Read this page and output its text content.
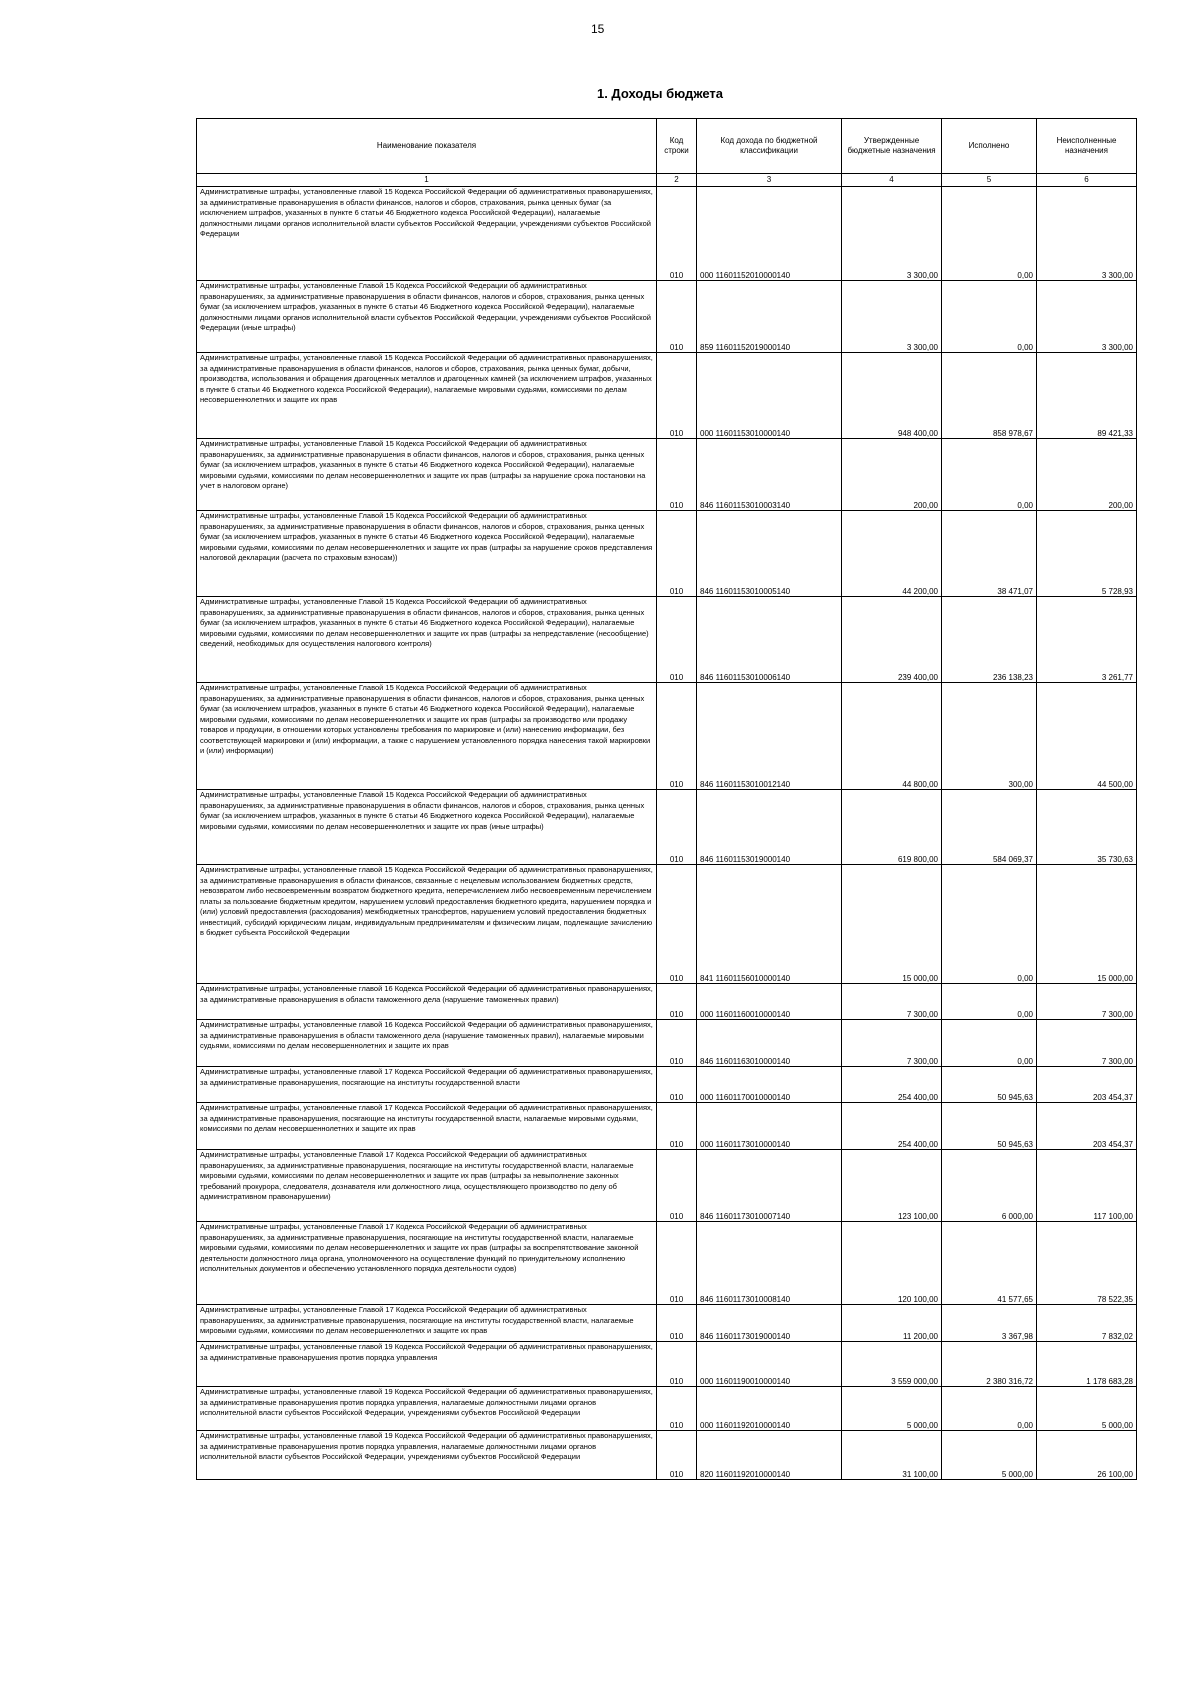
15
1. Доходы бюджета
Наименование показателя	Код строки	Код дохода по бюджетной классификации	Утвержденные бюджетные назначения	Исполнено	Неисполненные назначения
1	2	3	4	5	6
Административные штрафы, установленные главой 15 Кодекса Российской Федерации об административных правонарушениях, за административные правонарушения в области финансов, налогов и сборов, страхования, рынка ценных бумаг (за исключением штрафов, указанных в пункте 6 статьи 46 Бюджетного кодекса Российской Федерации), налагаемые должностными лицами органов исполнительной власти субъектов Российской Федерации, учреждениями субъектов Российской Федерации	010	000 11601152010000140	3 300,00	0,00	3 300,00
Административные штрафы, установленные Главой 15 Кодекса Российской Федерации об административных правонарушениях, за административные правонарушения в области финансов, налогов и сборов, страхования, рынка ценных бумаг (за исключением штрафов, указанных в пункте 6 статьи 46 Бюджетного кодекса Российской Федерации), налагаемые должностными лицами органов исполнительной власти субъектов Российской Федерации, учреждениями субъектов Российской Федерации (иные штрафы)	010	859 11601152019000140	3 300,00	0,00	3 300,00
Административные штрафы, установленные главой 15 Кодекса Российской Федерации об административных правонарушениях, за административные правонарушения в области финансов, налогов и сборов, страхования, рынка ценных бумаг, добычи, производства, использования и обращения драгоценных металлов и драгоценных камней (за исключением штрафов, указанных в пункте 6 статьи 46 Бюджетного кодекса Российской Федерации), налагаемые мировыми судьями, комиссиями по делам несовершеннолетних и защите их прав	010	000 11601153010000140	948 400,00	858 978,67	89 421,33
Административные штрафы, установленные Главой 15 Кодекса Российской Федерации об административных правонарушениях, за административные правонарушения в области финансов, налогов и сборов, страхования, рынка ценных бумаг (за исключением штрафов, указанных в пункте 6 статьи 46 Бюджетного кодекса Российской Федерации), налагаемые мировыми судьями, комиссиями по делам несовершеннолетних и защите их прав (штрафы за нарушение срока постановки на учет в налоговом органе)	010	846 11601153010003140	200,00	0,00	200,00
Административные штрафы, установленные Главой 15 Кодекса Российской Федерации об административных правонарушениях, за административные правонарушения в области финансов, налогов и сборов, страхования, рынка ценных бумаг (за исключением штрафов, указанных в пункте 6 статьи 46 Бюджетного кодекса Российской Федерации), налагаемые мировыми судьями, комиссиями по делам несовершеннолетних и защите их прав (штрафы за нарушение сроков представления налоговой декларации (расчета по страховым взносам))	010	846 11601153010005140	44 200,00	38 471,07	5 728,93
Административные штрафы, установленные Главой 15 Кодекса Российской Федерации об административных правонарушениях, за административные правонарушения в области финансов, налогов и сборов, страхования, рынка ценных бумаг (за исключением штрафов, указанных в пункте 6 статьи 46 Бюджетного кодекса Российской Федерации), налагаемые мировыми судьями, комиссиями по делам несовершеннолетних и защите их прав (штрафы за непредставление (несообщение) сведений, необходимых для осуществления налогового контроля)	010	846 11601153010006140	239 400,00	236 138,23	3 261,77
Административные штрафы, установленные Главой 15 Кодекса Российской Федерации об административных правонарушениях, за административные правонарушения в области финансов, налогов и сборов, страхования, рынка ценных бумаг (за исключением штрафов, указанных в пункте 6 статьи 46 Бюджетного кодекса Российской Федерации), налагаемые мировыми судьями, комиссиями по делам несовершеннолетних и защите их прав (штрафы за производство или продажу товаров и продукции, в отношении которых установлены требования по маркировке и (или) нанесению информации, без соответствующей маркировки и (или) информации, а также с нарушением установленного порядка нанесения такой маркировки и (или) информации)	010	846 11601153010012140	44 800,00	300,00	44 500,00
Административные штрафы, установленные Главой 15 Кодекса Российской Федерации об административных правонарушениях, за административные правонарушения в области финансов, налогов и сборов, страхования, рынка ценных бумаг (за исключением штрафов, указанных в пункте 6 статьи 46 Бюджетного кодекса Российской Федерации), налагаемые мировыми судьями, комиссиями по делам несовершеннолетних и защите их прав (иные штрафы)	010	846 11601153019000140	619 800,00	584 069,37	35 730,63
Административные штрафы, установленные главой 15 Кодекса Российской Федерации об административных правонарушениях, за административные правонарушения в области финансов, связанные с нецелевым использованием бюджетных средств, невозвратом либо несвоевременным возвратом бюджетного кредита, неперечислением либо несвоевременным перечислением платы за пользование бюджетным кредитом, нарушением условий предоставления бюджетного кредита, нарушением порядка и (или) условий предоставления (расходования) межбюджетных трансфертов, нарушением условий предоставления бюджетных инвестиций, субсидий юридическим лицам, индивидуальным предпринимателям и физическим лицам, подлежащие зачислению в бюджет субъекта Российской Федерации	010	841 11601156010000140	15 000,00	0,00	15 000,00
Административные штрафы, установленные главой 16 Кодекса Российской Федерации об административных правонарушениях, за административные правонарушения в области таможенного дела (нарушение таможенных правил)	010	000 11601160010000140	7 300,00	0,00	7 300,00
Административные штрафы, установленные главой 16 Кодекса Российской Федерации об административных правонарушениях, за административные правонарушения в области таможенного дела (нарушение таможенных правил), налагаемые мировыми судьями, комиссиями по делам несовершеннолетних и защите их прав	010	846 11601163010000140	7 300,00	0,00	7 300,00
Административные штрафы, установленные главой 17 Кодекса Российской Федерации об административных правонарушениях, за административные правонарушения, посягающие на институты государственной власти	010	000 11601170010000140	254 400,00	50 945,63	203 454,37
Административные штрафы, установленные главой 17 Кодекса Российской Федерации об административных правонарушениях, за административные правонарушения, посягающие на институты государственной власти, налагаемые мировыми судьями, комиссиями по делам несовершеннолетних и защите их прав	010	000 11601173010000140	254 400,00	50 945,63	203 454,37
Административные штрафы, установленные Главой 17 Кодекса Российской Федерации об административных правонарушениях, за административные правонарушения, посягающие на институты государственной власти, налагаемые мировыми судьями, комиссиями по делам несовершеннолетних и защите их прав (штрафы за невыполнение законных требований прокурора, следователя, дознавателя или должностного лица, осуществляющего производство по делу об административном правонарушении)	010	846 11601173010007140	123 100,00	6 000,00	117 100,00
Административные штрафы, установленные Главой 17 Кодекса Российской Федерации об административных правонарушениях, за административные правонарушения, посягающие на институты государственной власти, налагаемые мировыми судьями, комиссиями по делам несовершеннолетних и защите их прав (штрафы за воспрепятствование законной деятельности должностного лица органа, уполномоченного на осуществление функций по принудительному исполнению исполнительных документов и обеспечению установленного порядка деятельности судов)	010	846 11601173010008140	120 100,00	41 577,65	78 522,35
Административные штрафы, установленные Главой 17 Кодекса Российской Федерации об административных правонарушениях, за административные правонарушения, посягающие на институты государственной власти, налагаемые мировыми судьями, комиссиями по делам несовершеннолетних и защите их прав	010	846 11601173019000140	11 200,00	3 367,98	7 832,02
Административные штрафы, установленные главой 19 Кодекса Российской Федерации об административных правонарушениях, за административные правонарушения против порядка управления	010	000 11601190010000140	3 559 000,00	2 380 316,72	1 178 683,28
Административные штрафы, установленные главой 19 Кодекса Российской Федерации об административных правонарушениях, за административные правонарушения против порядка управления, налагаемые должностными лицами органов исполнительной власти субъектов Российской Федерации, учреждениями субъектов Российской Федерации	010	000 11601192010000140	5 000,00	0,00	5 000,00
Административные штрафы, установленные главой 19 Кодекса Российской Федерации об административных правонарушениях, за административные правонарушения против порядка управления, налагаемые должностными лицами органов исполнительной власти субъектов Российской Федерации, учреждениями субъектов Российской Федерации	010	820 11601192010000140	31 100,00	5 000,00	26 100,00
